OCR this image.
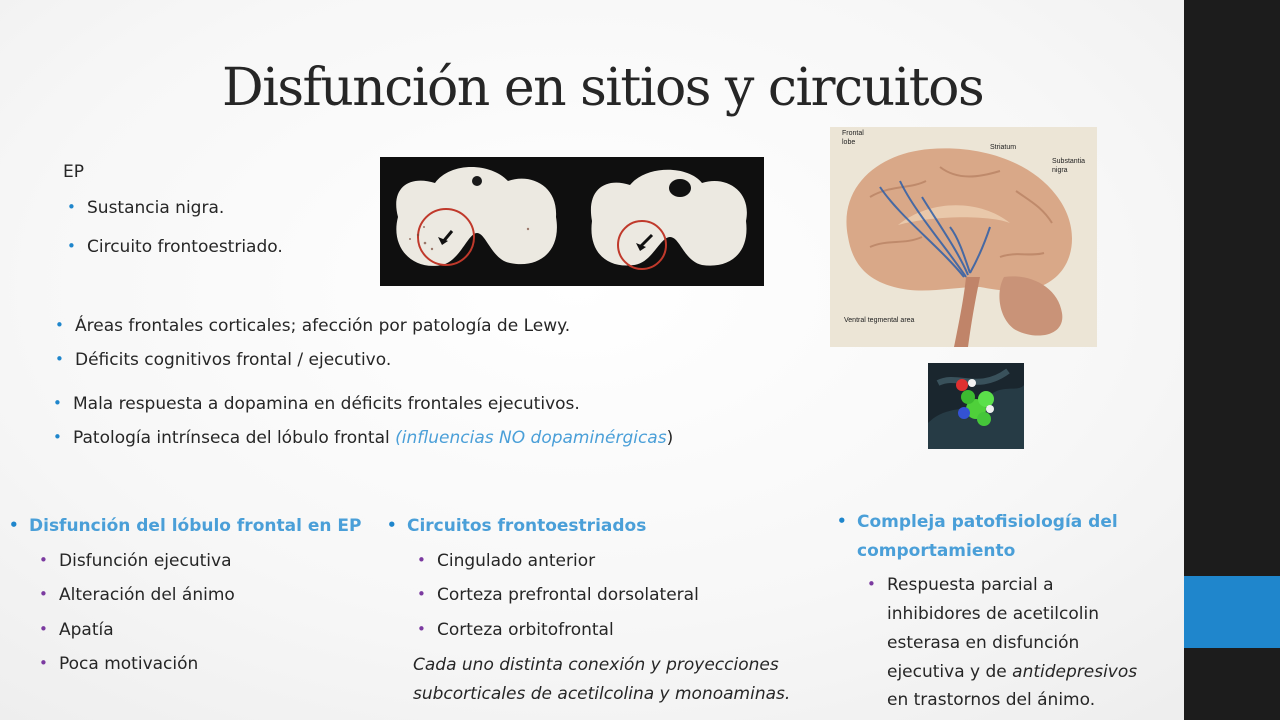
Disfunción en sitios y circuitos
EP
• Sustancia nigra.
• Circuito frontoestriado.
Frontal
lobe
Striatum
Substantia
nigra
Ventral tegmental area
• Áreas frontales corticales; afección por patología de Lewy.
• Déficits cognitivos frontal / ejecutivo.
• Mala respuesta a dopamina en déficits frontales ejecutivos.
• Patología intrínseca del lóbulo frontal (influencias NO dopaminérgicas)
• Disfunción del lóbulo frontal en EP
• Disfunción ejecutiva
• Alteración del ánimo
• Apatía
• Poca motivación
• Circuitos frontoestriados
• Cingulado anterior
• Corteza prefrontal dorsolateral
• Corteza orbitofrontal
Cada uno distinta conexión y proyecciones
subcorticales de acetilcolina y monoaminas.
• Compleja patofisiología del
comportamiento
• Respuesta parcial a
inhibidores de acetilcolin
esterasa en disfunción
ejecutiva y de antidepresivos
en trastornos del ánimo.
